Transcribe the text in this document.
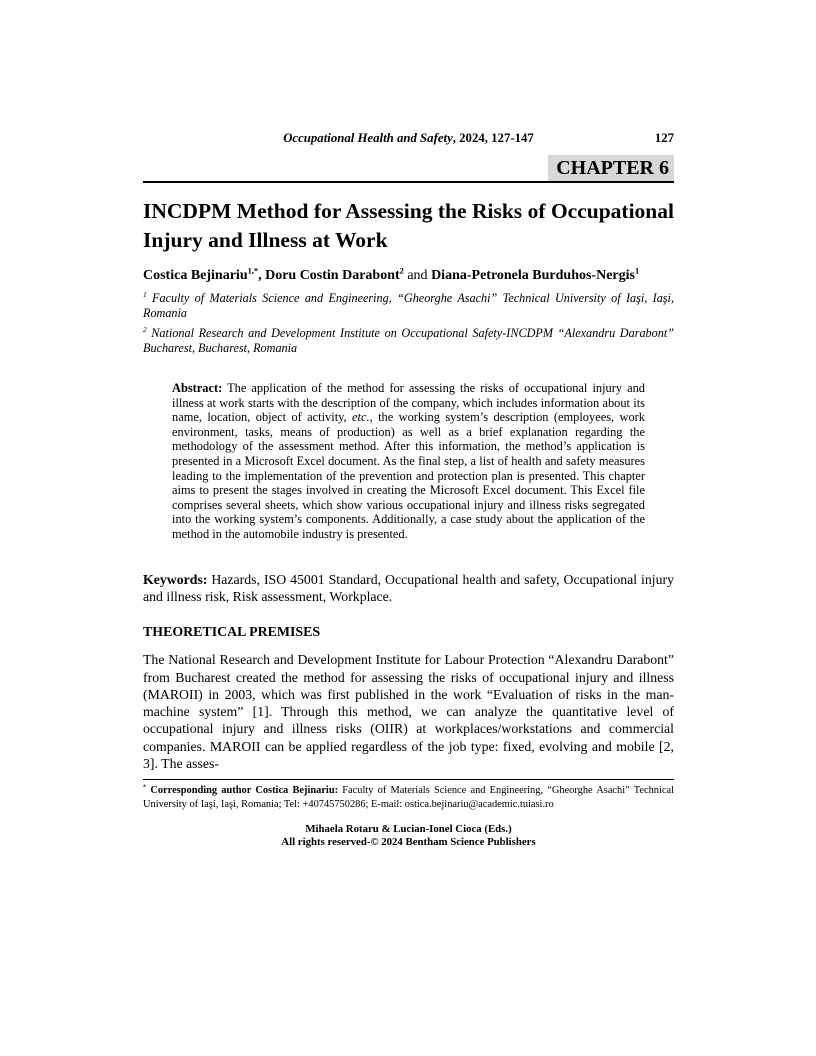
Occupational Health and Safety, 2024, 127-147	127
CHAPTER 6
INCDPM Method for Assessing the Risks of Occupational Injury and Illness at Work

Costica Bejinariu$^{1,*}$, Doru Costin Darabont$^2$ and Diana-Petronela Burduhos-Nergis$^1$

$^1$ Faculty of Materials Science and Engineering, “Gheorghe Asachi” Technical University of Iaşi, Iaşi, Romania

$^2$ National Research and Development Institute on Occupational Safety-INCDPM “Alexandru Darabont” Bucharest, Bucharest, Romania

Abstract: The application of the method for assessing the risks of occupational injury and illness at work starts with the description of the company, which includes information about its name, location, object of activity, etc., the working system’s description (employees, work environment, tasks, means of production) as well as a brief explanation regarding the methodology of the assessment method. After this information, the method’s application is presented in a Microsoft Excel document. As the final step, a list of health and safety measures leading to the implementation of the prevention and protection plan is presented. This chapter aims to present the stages involved in creating the Microsoft Excel document. This Excel file comprises several sheets, which show various occupational injury and illness risks segregated into the working system’s components. Additionally, a case study about the application of the method in the automobile industry is presented.

Keywords: Hazards, ISO 45001 Standard, Occupational health and safety, Occupational injury and illness risk, Risk assessment, Workplace.

THEORETICAL PREMISES

The National Research and Development Institute for Labour Protection “Alexandru Darabont” from Bucharest created the method for assessing the risks of occupational injury and illness (MAROII) in 2003, which was first published in the work “Evaluation of risks in the man-machine system” [1]. Through this method, we can analyze the quantitative level of occupational injury and illness risks (OIIR) at workplaces/workstations and commercial companies. MAROII can be applied regardless of the job type: fixed, evolving and mobile [2, 3]. The asses-

* Corresponding author Costica Bejinariu: Faculty of Materials Science and Engineering, “Gheorghe Asachi” Technical University of Iaşi, Iaşi, Romania; Tel: +40745750286; E-mail: ostica.bejinariu@academic.tuiasi.ro
Mihaela Rotaru & Lucian-Ionel Cioca (Eds.)
All rights reserved-© 2024 Bentham Science Publishers
